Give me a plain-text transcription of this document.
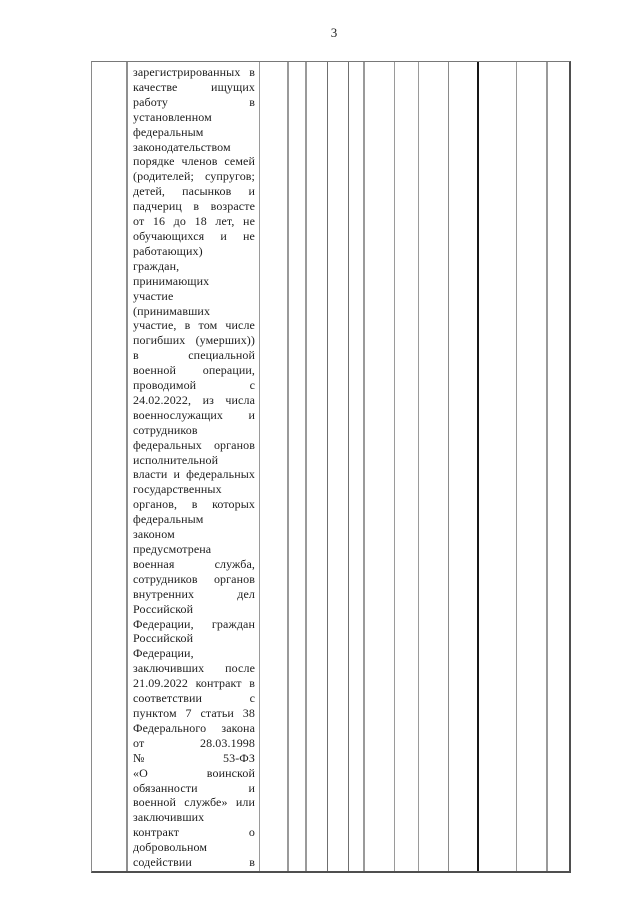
3
зарегистрированных в
качестве ищущих
работу в
установленном
федеральным
законодательством
порядке членов семей
(родителей; супругов;
детей, пасынков и
падчериц в возрасте
от 16 до 18 лет, не
обучающихся и не
работающих)
граждан,
принимающих
участие
(принимавших
участие, в том числе
погибших (умерших))
в специальной
военной операции,
проводимой с
24.02.2022, из числа
военнослужащих и
сотрудников
федеральных органов
исполнительной
власти и федеральных
государственных
органов, в которых
федеральным
законом
предусмотрена
военная служба,
сотрудников органов
внутренних дел
Российской
Федерации, граждан
Российской
Федерации,
заключивших после
21.09.2022 контракт в
соответствии с
пунктом 7 статьи 38
Федерального закона
от 28.03.1998
№ 53-ФЗ
«О воинской
обязанности и
военной службе» или
заключивших
контракт о
добровольном
содействии в
